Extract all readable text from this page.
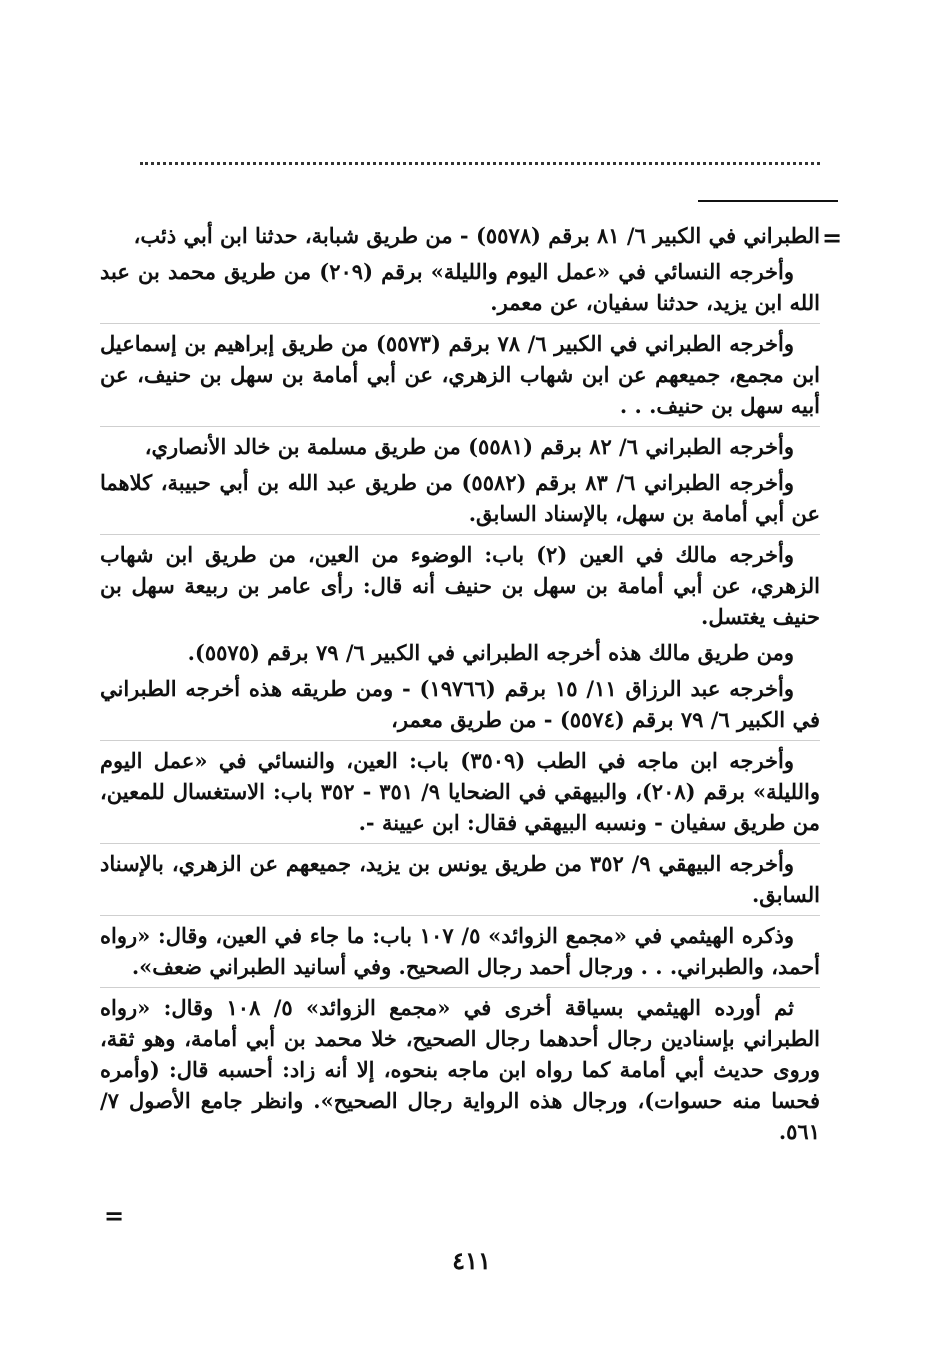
=

الطبراني في الكبير ٦/ ٨١ برقم (٥٥٧٨) - من طريق شبابة، حدثنا ابن أبي ذئب،

وأخرجه النسائي في «عمل اليوم والليلة» برقم (٢٠٩) من طريق محمد بن عبد الله ابن يزيد، حدثنا سفيان، عن معمر.

وأخرجه الطبراني في الكبير ٦/ ٧٨ برقم (٥٥٧٣) من طريق إبراهيم بن إسماعيل ابن مجمع، جميعهم عن ابن شهاب الزهري، عن أبي أمامة بن سهل بن حنيف، عن أبيه سهل بن حنيف. . .

وأخرجه الطبراني ٦/ ٨٢ برقم (٥٥٨١) من طريق مسلمة بن خالد الأنصاري،

وأخرجه الطبراني ٦/ ٨٣ برقم (٥٥٨٢) من طريق عبد الله بن أبي حبيبة، كلاهما عن أبي أمامة بن سهل، بالإسناد السابق.

وأخرجه مالك في العين (٢) باب: الوضوء من العين، من طريق ابن شهاب الزهري، عن أبي أمامة بن سهل بن حنيف أنه قال: رأى عامر بن ربيعة سهل بن حنيف يغتسل.

ومن طريق مالك هذه أخرجه الطبراني في الكبير ٦/ ٧٩ برقم (٥٥٧٥).

وأخرجه عبد الرزاق ١١/ ١٥ برقم (١٩٧٦٦) - ومن طريقه هذه أخرجه الطبراني في الكبير ٦/ ٧٩ برقم (٥٥٧٤) - من طريق معمر،

وأخرجه ابن ماجه في الطب (٣٥٠٩) باب: العين، والنسائي في «عمل اليوم والليلة» برقم (٢٠٨)، والبيهقي في الضحايا ٩/ ٣٥١ - ٣٥٢ باب: الاستغسال للمعين، من طريق سفيان - ونسبه البيهقي فقال: ابن عيينة -.

وأخرجه البيهقي ٩/ ٣٥٢ من طريق يونس بن يزيد، جميعهم عن الزهري، بالإسناد السابق.

وذكره الهيثمي في «مجمع الزوائد» ٥/ ١٠٧ باب: ما جاء في العين، وقال: «رواه أحمد، والطبراني. . . ورجال أحمد رجال الصحيح. وفي أسانيد الطبراني ضعف».

ثم أورده الهيثمي بسياقة أخرى في «مجمع الزوائد» ٥/ ١٠٨ وقال: «رواه الطبراني بإسنادين رجال أحدهما رجال الصحيح، خلا محمد بن أبي أمامة، وهو ثقة، وروى حديث أبي أمامة كما رواه ابن ماجه بنحوه، إلا أنه زاد: أحسبه قال: (وأمره فحسا منه حسوات)، ورجال هذه الرواية رجال الصحيح». وانظر جامع الأصول ٧/ ٥٦١.

=
٤١١
